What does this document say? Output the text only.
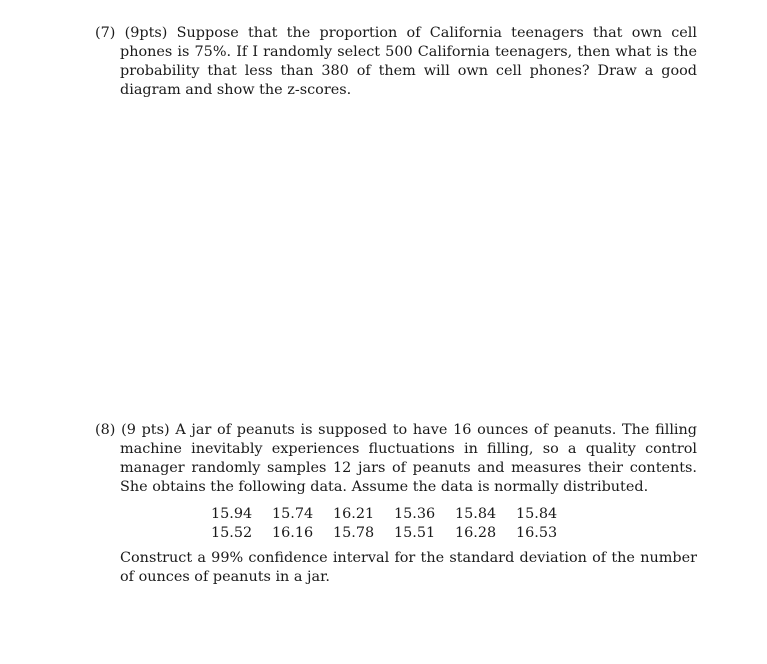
(7) (9pts) Suppose that the proportion of California teenagers that own cell phones is 75%. If I randomly select 500 California teenagers, then what is the probability that less than 380 of them will own cell phones? Draw a good diagram and show the z-scores.

(8) (9 pts) A jar of peanuts is supposed to have 16 ounces of peanuts. The filling machine inevitably experiences fluctuations in filling, so a quality control manager randomly samples 12 jars of peanuts and measures their contents. She obtains the following data. Assume the data is normally distributed.

15.94	15.74	16.21	15.36	15.84	15.84
15.52	16.16	15.78	15.51	16.28	16.53

Construct a 99% confidence interval for the standard deviation of the number of ounces of peanuts in a jar.
